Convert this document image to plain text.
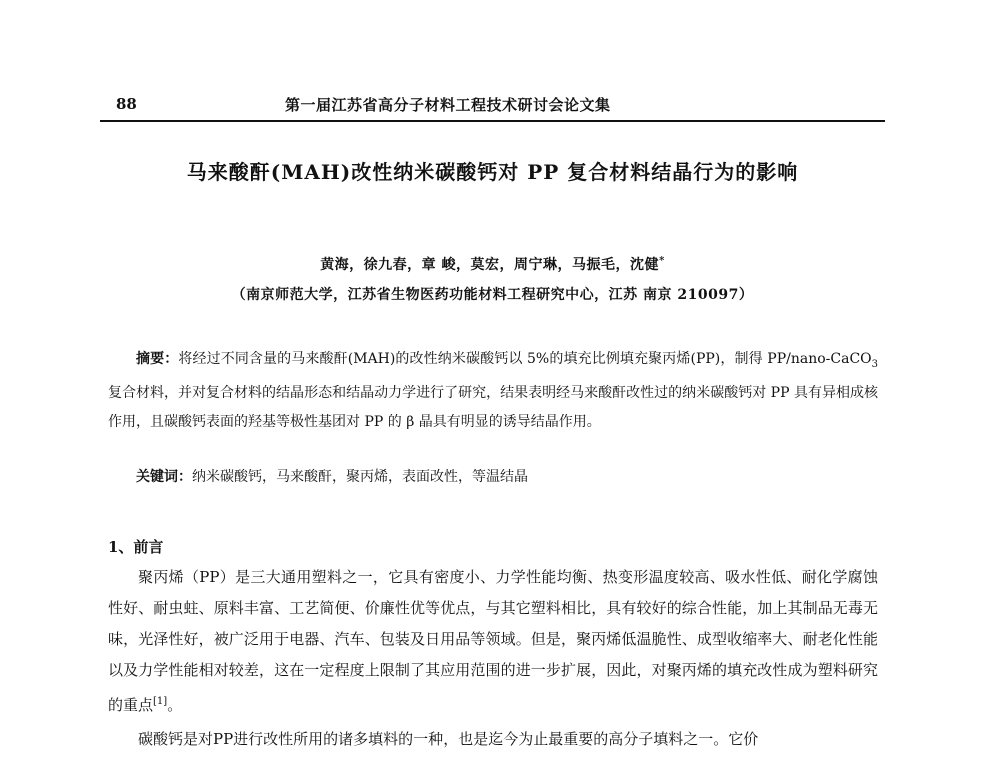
88	第一届江苏省高分子材料工程技术研讨会论文集
马来酸酐(MAH)改性纳米碳酸钙对 PP 复合材料结晶行为的影响
黄海，徐九春，章 峻，莫宏，周宁琳，马振毛，沈健*
（南京师范大学，江苏省生物医药功能材料工程研究中心，江苏 南京 210097）

摘要：将经过不同含量的马来酸酐(MAH)的改性纳米碳酸钙以 5%的填充比例填充聚丙烯(PP)，制得 PP/nano-CaCO$_3$ 复合材料，并对复合材料的结晶形态和结晶动力学进行了研究，结果表明经马来酸酐改性过的纳米碳酸钙对 PP 具有异相成核作用，且碳酸钙表面的羟基等极性基团对 PP 的 β 晶具有明显的诱导结晶作用。

关键词：纳米碳酸钙，马来酸酐，聚丙烯，表面改性，等温结晶

1、前言

聚丙烯（PP）是三大通用塑料之一，它具有密度小、力学性能均衡、热变形温度较高、吸水性低、耐化学腐蚀性好、耐虫蛀、原料丰富、工艺简便、价廉性优等优点，与其它塑料相比，具有较好的综合性能，加上其制品无毒无味，光泽性好，被广泛用于电器、汽车、包装及日用品等领域。但是，聚丙烯低温脆性、成型收缩率大、耐老化性能以及力学性能相对较差，这在一定程度上限制了其应用范围的进一步扩展，因此，对聚丙烯的填充改性成为塑料研究的重点[1]。

碳酸钙是对PP进行改性所用的诸多填料的一种，也是迄今为止最重要的高分子填料之一。它价
